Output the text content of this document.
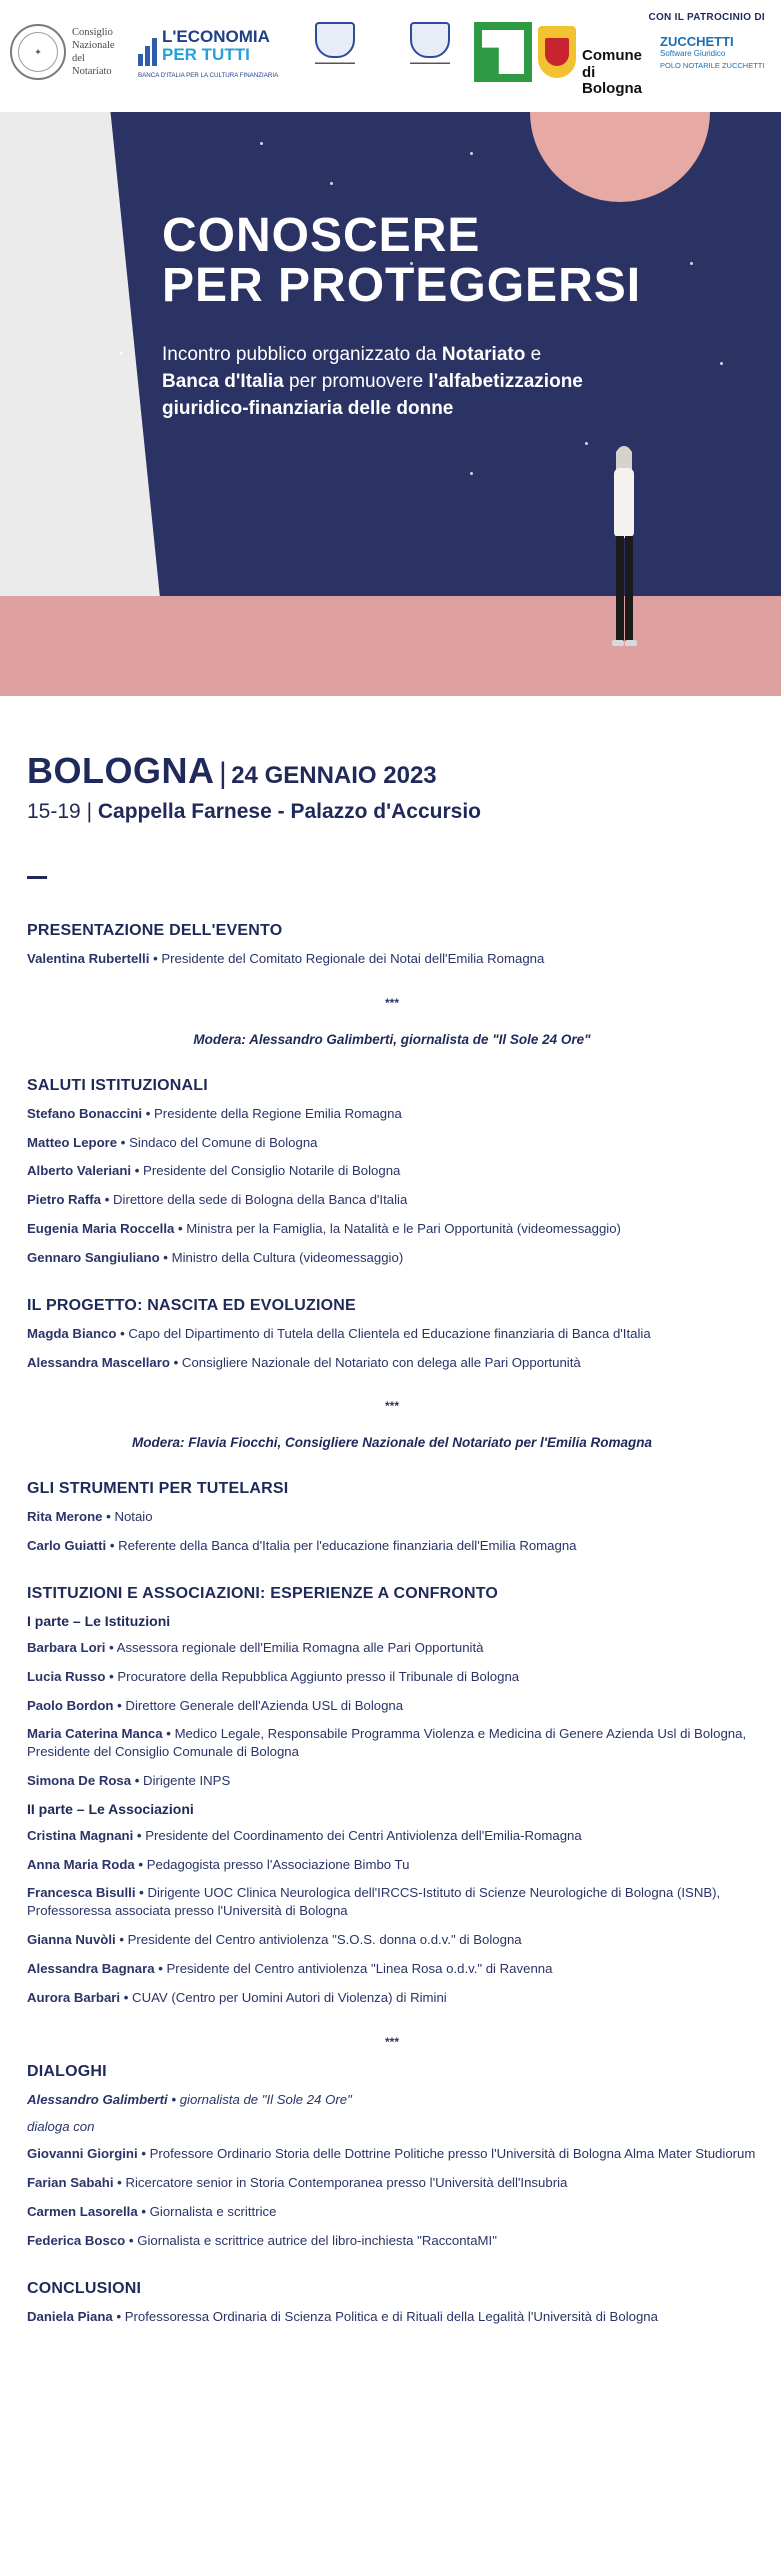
CON IL PATROCINIO DI
✦
Consiglio
Nazionale
del
Notariato
L'ECONOMIA
PER TUTTI
BANCA D'ITALIA PER LA CULTURA FINANZIARIA
▬▬▬▬▬▬▬▬	▬▬▬▬▬▬▬▬	Comune
di Bologna
ZUCCHETTI
Software Giuridico
POLO NOTARILE ZUCCHETTI
CONOSCERE
PER PROTEGGERSI
Incontro pubblico organizzato da Notariato e
Banca d'Italia per promuovere l'alfabetizzazione
giuridico-finanziaria delle donne
BOLOGNA | 24 GENNAIO 2023
15-19 | Cappella Farnese - Palazzo d'Accursio
PRESENTAZIONE DELL'EVENTO
Valentina Rubertelli • Presidente del Comitato Regionale dei Notai dell'Emilia Romagna
***
Modera: Alessandro Galimberti, giornalista de "Il Sole 24 Ore"
SALUTI ISTITUZIONALI
Stefano Bonaccini • Presidente della Regione Emilia Romagna
Matteo Lepore • Sindaco del Comune di Bologna
Alberto Valeriani • Presidente del Consiglio Notarile di Bologna
Pietro Raffa • Direttore della sede di Bologna della Banca d'Italia
Eugenia Maria Roccella • Ministra per la Famiglia, la Natalità e le Pari Opportunità (videomessaggio)
Gennaro Sangiuliano • Ministro della Cultura (videomessaggio)
IL PROGETTO: NASCITA ED EVOLUZIONE
Magda Bianco • Capo del Dipartimento di Tutela della Clientela ed Educazione finanziaria di Banca d'Italia
Alessandra Mascellaro • Consigliere Nazionale del Notariato con delega alle Pari Opportunità
***
Modera: Flavia Fiocchi, Consigliere Nazionale del Notariato per l'Emilia Romagna
GLI STRUMENTI PER TUTELARSI
Rita Merone • Notaio
Carlo Guiatti • Referente della Banca d'Italia per l'educazione finanziaria dell'Emilia Romagna
ISTITUZIONI E ASSOCIAZIONI: ESPERIENZE A CONFRONTO
I parte – Le Istituzioni
Barbara Lori • Assessora regionale dell'Emilia Romagna alle Pari Opportunità
Lucia Russo • Procuratore della Repubblica Aggiunto presso il Tribunale di Bologna
Paolo Bordon • Direttore Generale dell'Azienda USL di Bologna
Maria Caterina Manca • Medico Legale, Responsabile Programma Violenza e Medicina di Genere Azienda Usl di Bologna, Presidente del Consiglio Comunale di Bologna
Simona De Rosa • Dirigente INPS
II parte – Le Associazioni
Cristina Magnani • Presidente del Coordinamento dei Centri Antiviolenza dell'Emilia-Romagna
Anna Maria Roda • Pedagogista presso l'Associazione Bimbo Tu
Francesca Bisulli • Dirigente UOC Clinica Neurologica dell'IRCCS-Istituto di Scienze Neurologiche di Bologna (ISNB), Professoressa associata presso l'Università di Bologna
Gianna Nuvòli • Presidente del Centro antiviolenza "S.O.S. donna o.d.v." di Bologna
Alessandra Bagnara • Presidente del Centro antiviolenza "Linea Rosa o.d.v." di Ravenna
Aurora Barbari • CUAV (Centro per Uomini Autori di Violenza) di Rimini
***
DIALOGHI
Alessandro Galimberti • giornalista de "Il Sole 24 Ore"
dialoga con
Giovanni Giorgini • Professore Ordinario Storia delle Dottrine Politiche presso l'Università di Bologna Alma Mater Studiorum
Farian Sabahi • Ricercatore senior in Storia Contemporanea presso l'Università dell'Insubria
Carmen Lasorella • Giornalista e scrittrice
Federica Bosco • Giornalista e scrittrice autrice del libro-inchiesta "RaccontaMI"
CONCLUSIONI
Daniela Piana • Professoressa Ordinaria di Scienza Politica e di Rituali della Legalità l'Università di Bologna
